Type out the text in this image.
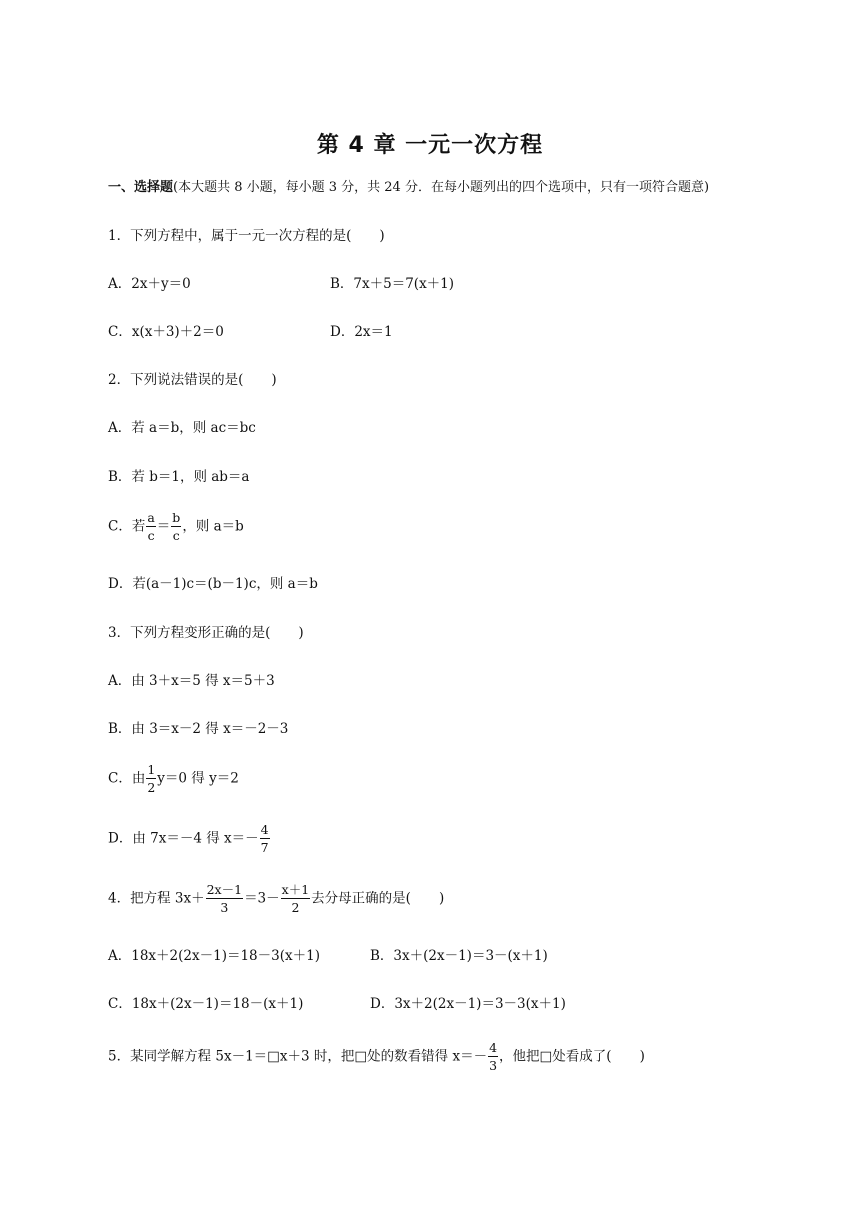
第 4 章 一元一次方程
一、选择题(本大题共 8 小题，每小题 3 分，共 24 分．在每小题列出的四个选项中，只有一项符合题意)
1．下列方程中，属于一元一次方程的是( )
A．2x＋y＝0	B．7x＋5＝7(x＋1)
C．x(x＋3)＋2＝0	D．2x＝1
2．下列说法错误的是( )
A．若 a＝b，则 ac＝bc
B．若 b＝1，则 ab＝a
C．若 $\frac{a}{c} = \frac{b}{c}$ ，则 a＝b
D．若(a－1)c＝(b－1)c，则 a＝b
3．下列方程变形正确的是( )
A．由 3＋x＝5 得 x＝5＋3
B．由 3＝x－2 得 x＝－2－3
C．由 $\frac{1}{2} y=0$ 得 y＝2
D．由 7x＝－4 得 $x=- \frac{4}{7}$
4．把方程 $3x+ \frac{2x-1}{3} =3- \frac{x+1}{2}$ 去分母正确的是( )
A．18x＋2(2x－1)＝18－3(x＋1)	B．3x＋(2x－1)＝3－(x＋1)
C．18x＋(2x－1)＝18－(x＋1)	D．3x＋2(2x－1)＝3－3(x＋1)
5．某同学解方程 5x－1＝□x＋3 时，把□处的数看错得 $x=- \frac{4}{3}$ ，他把□处看成了( )
